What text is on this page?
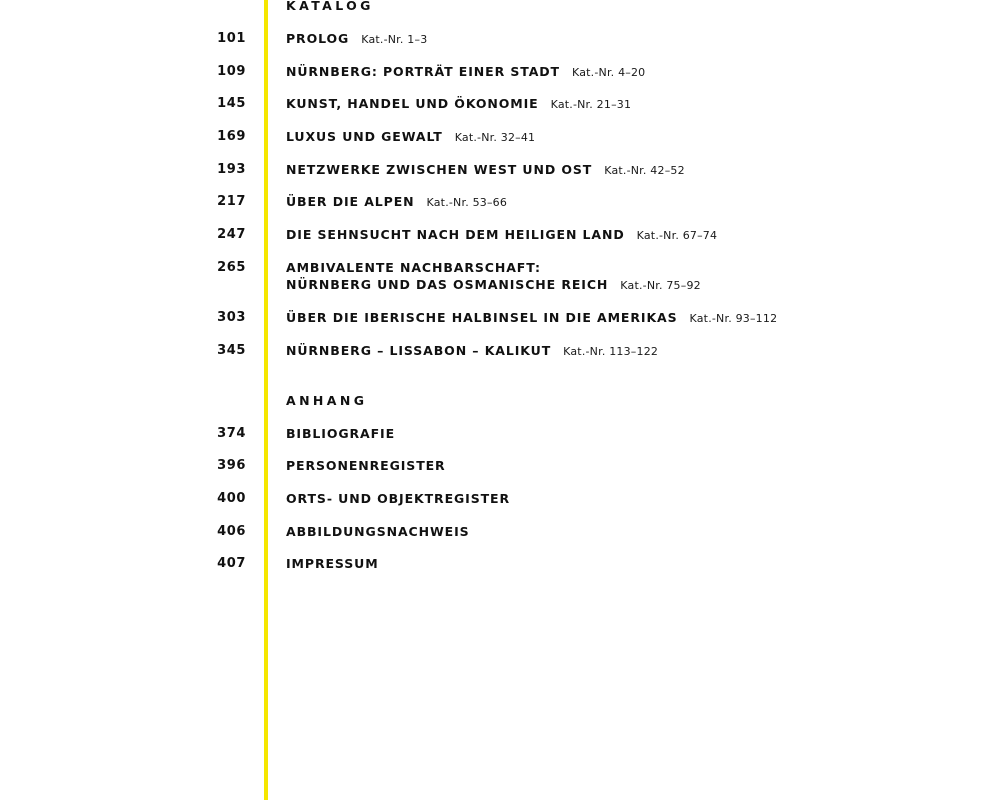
KATALOG
101	PROLOG Kat.-Nr. 1–3
109	NÜRNBERG: PORTRÄT EINER STADT Kat.-Nr. 4–20
145	KUNST, HANDEL UND ÖKONOMIE Kat.-Nr. 21–31
169	LUXUS UND GEWALT Kat.-Nr. 32–41
193	NETZWERKE ZWISCHEN WEST UND OST Kat.-Nr. 42–52
217	ÜBER DIE ALPEN Kat.-Nr. 53–66
247	DIE SEHNSUCHT NACH DEM HEILIGEN LAND Kat.-Nr. 67–74
265	AMBIVALENTE NACHBARSCHAFT:
NÜRNBERG UND DAS OSMANISCHE REICH Kat.-Nr. 75–92
303	ÜBER DIE IBERISCHE HALBINSEL IN DIE AMERIKAS Kat.-Nr. 93–112
345	NÜRNBERG – LISSABON – KALIKUT Kat.-Nr. 113–122
ANHANG
374	BIBLIOGRAFIE
396	PERSONENREGISTER
400	ORTS- UND OBJEKTREGISTER
406	ABBILDUNGSNACHWEIS
407	IMPRESSUM
